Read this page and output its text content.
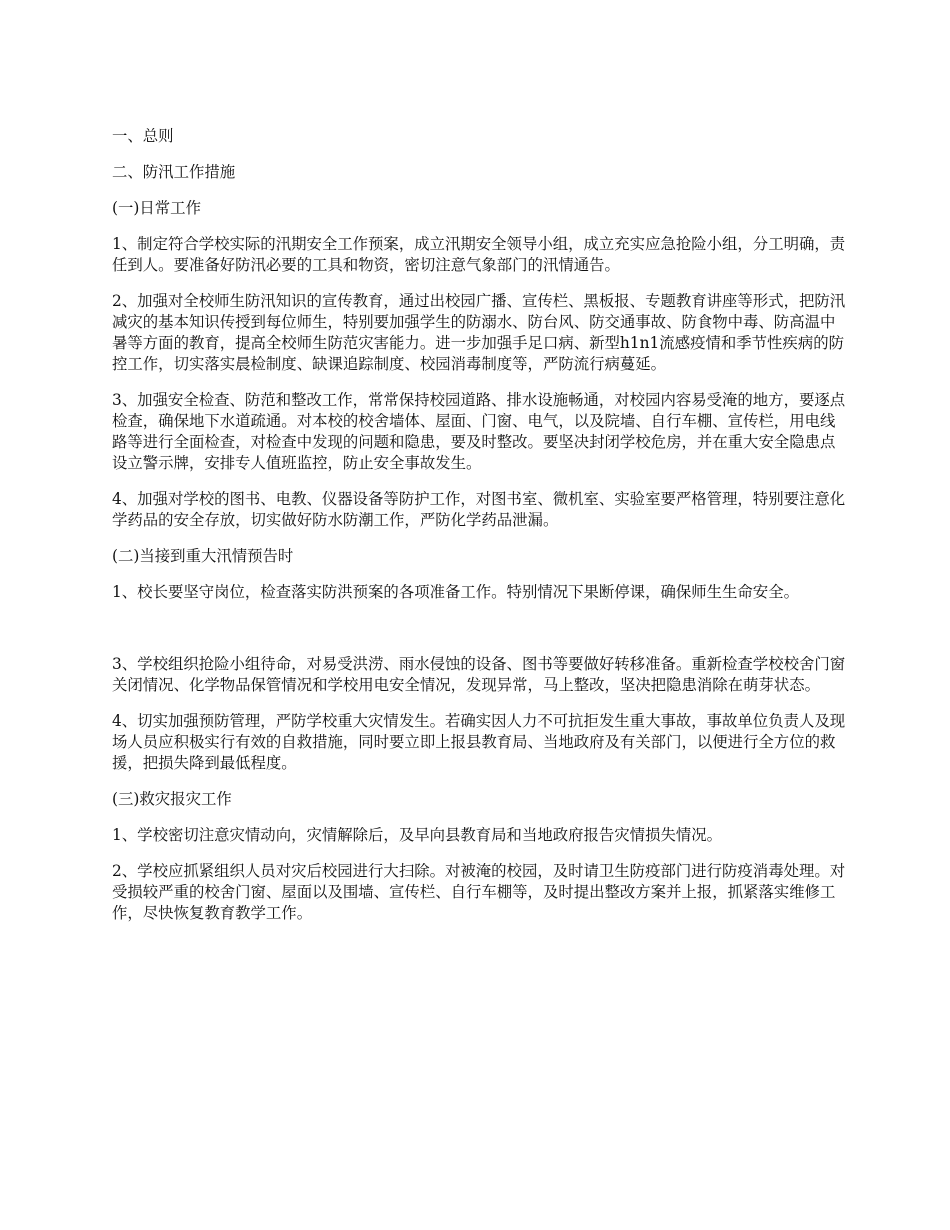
一、总则

二、防汛工作措施

(一)日常工作

1、制定符合学校实际的汛期安全工作预案，成立汛期安全领导小组，成立充实应急抢险小组，分工明确，责任到人。要准备好防汛必要的工具和物资，密切注意气象部门的汛情通告。

2、加强对全校师生防汛知识的宣传教育，通过出校园广播、宣传栏、黑板报、专题教育讲座等形式，把防汛减灾的基本知识传授到每位师生，特别要加强学生的防溺水、防台风、防交通事故、防食物中毒、防高温中暑等方面的教育，提高全校师生防范灾害能力。进一步加强手足口病、新型h1n1流感疫情和季节性疾病的防控工作，切实落实晨检制度、缺课追踪制度、校园消毒制度等，严防流行病蔓延。

3、加强安全检查、防范和整改工作，常常保持校园道路、排水设施畅通，对校园内容易受淹的地方，要逐点检查，确保地下水道疏通。对本校的校舍墙体、屋面、门窗、电气，以及院墙、自行车棚、宣传栏，用电线路等进行全面检查，对检查中发现的问题和隐患，要及时整改。要坚决封闭学校危房，并在重大安全隐患点设立警示牌，安排专人值班监控，防止安全事故发生。

4、加强对学校的图书、电教、仪器设备等防护工作，对图书室、微机室、实验室要严格管理，特别要注意化学药品的安全存放，切实做好防水防潮工作，严防化学药品泄漏。

(二)当接到重大汛情预告时

1、校长要坚守岗位，检查落实防洪预案的各项准备工作。特别情况下果断停课，确保师生生命安全。

3、学校组织抢险小组待命，对易受洪涝、雨水侵蚀的设备、图书等要做好转移准备。重新检查学校校舍门窗关闭情况、化学物品保管情况和学校用电安全情况，发现异常，马上整改，坚决把隐患消除在萌芽状态。

4、切实加强预防管理，严防学校重大灾情发生。若确实因人力不可抗拒发生重大事故，事故单位负责人及现场人员应积极实行有效的自救措施，同时要立即上报县教育局、当地政府及有关部门，以便进行全方位的救援，把损失降到最低程度。

(三)救灾报灾工作

1、学校密切注意灾情动向，灾情解除后，及早向县教育局和当地政府报告灾情损失情况。

2、学校应抓紧组织人员对灾后校园进行大扫除。对被淹的校园，及时请卫生防疫部门进行防疫消毒处理。对受损较严重的校舍门窗、屋面以及围墙、宣传栏、自行车棚等，及时提出整改方案并上报，抓紧落实维修工作，尽快恢复教育教学工作。
